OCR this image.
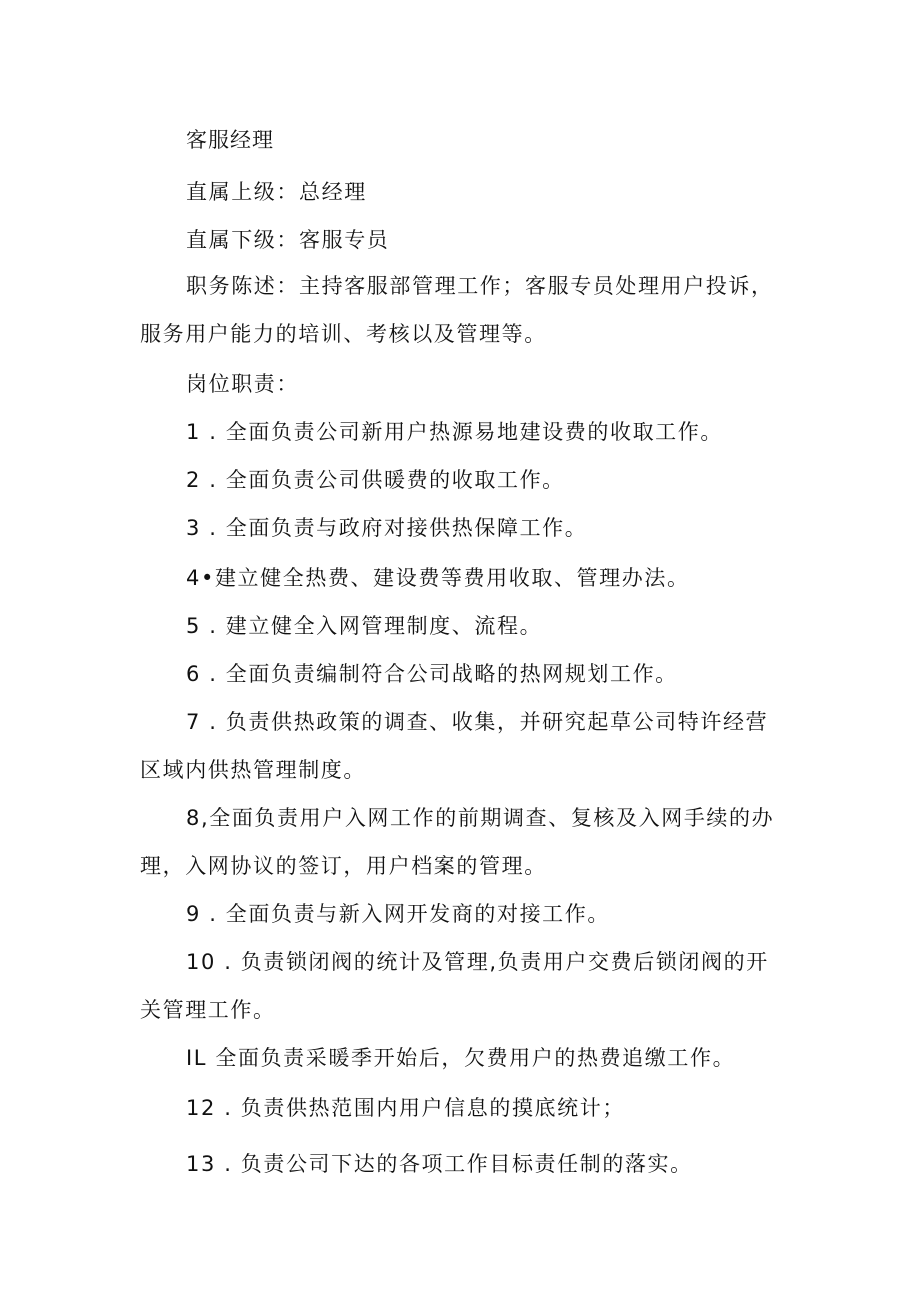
客服经理
直属上级：总经理
直属下级：客服专员
职务陈述：主持客服部管理工作；客服专员处理用户投诉，
服务用户能力的培训、考核以及管理等。
岗位职责：
1 . 全面负责公司新用户热源易地建设费的收取工作。
2 . 全面负责公司供暖费的收取工作。
3 . 全面负责与政府对接供热保障工作。
4•建立健全热费、建设费等费用收取、管理办法。
5 . 建立健全入网管理制度、流程。
6 . 全面负责编制符合公司战略的热网规划工作。
7 . 负责供热政策的调查、收集，并研究起草公司特许经营
区域内供热管理制度。
8,全面负责用户入网工作的前期调查、复核及入网手续的办
理，入网协议的签订，用户档案的管理。
9 . 全面负责与新入网开发商的对接工作。
10 . 负责锁闭阀的统计及管理,负责用户交费后锁闭阀的开
关管理工作。
IL 全面负责采暖季开始后，欠费用户的热费追缴工作。
12 . 负责供热范围内用户信息的摸底统计；
13 . 负责公司下达的各项工作目标责任制的落实。
